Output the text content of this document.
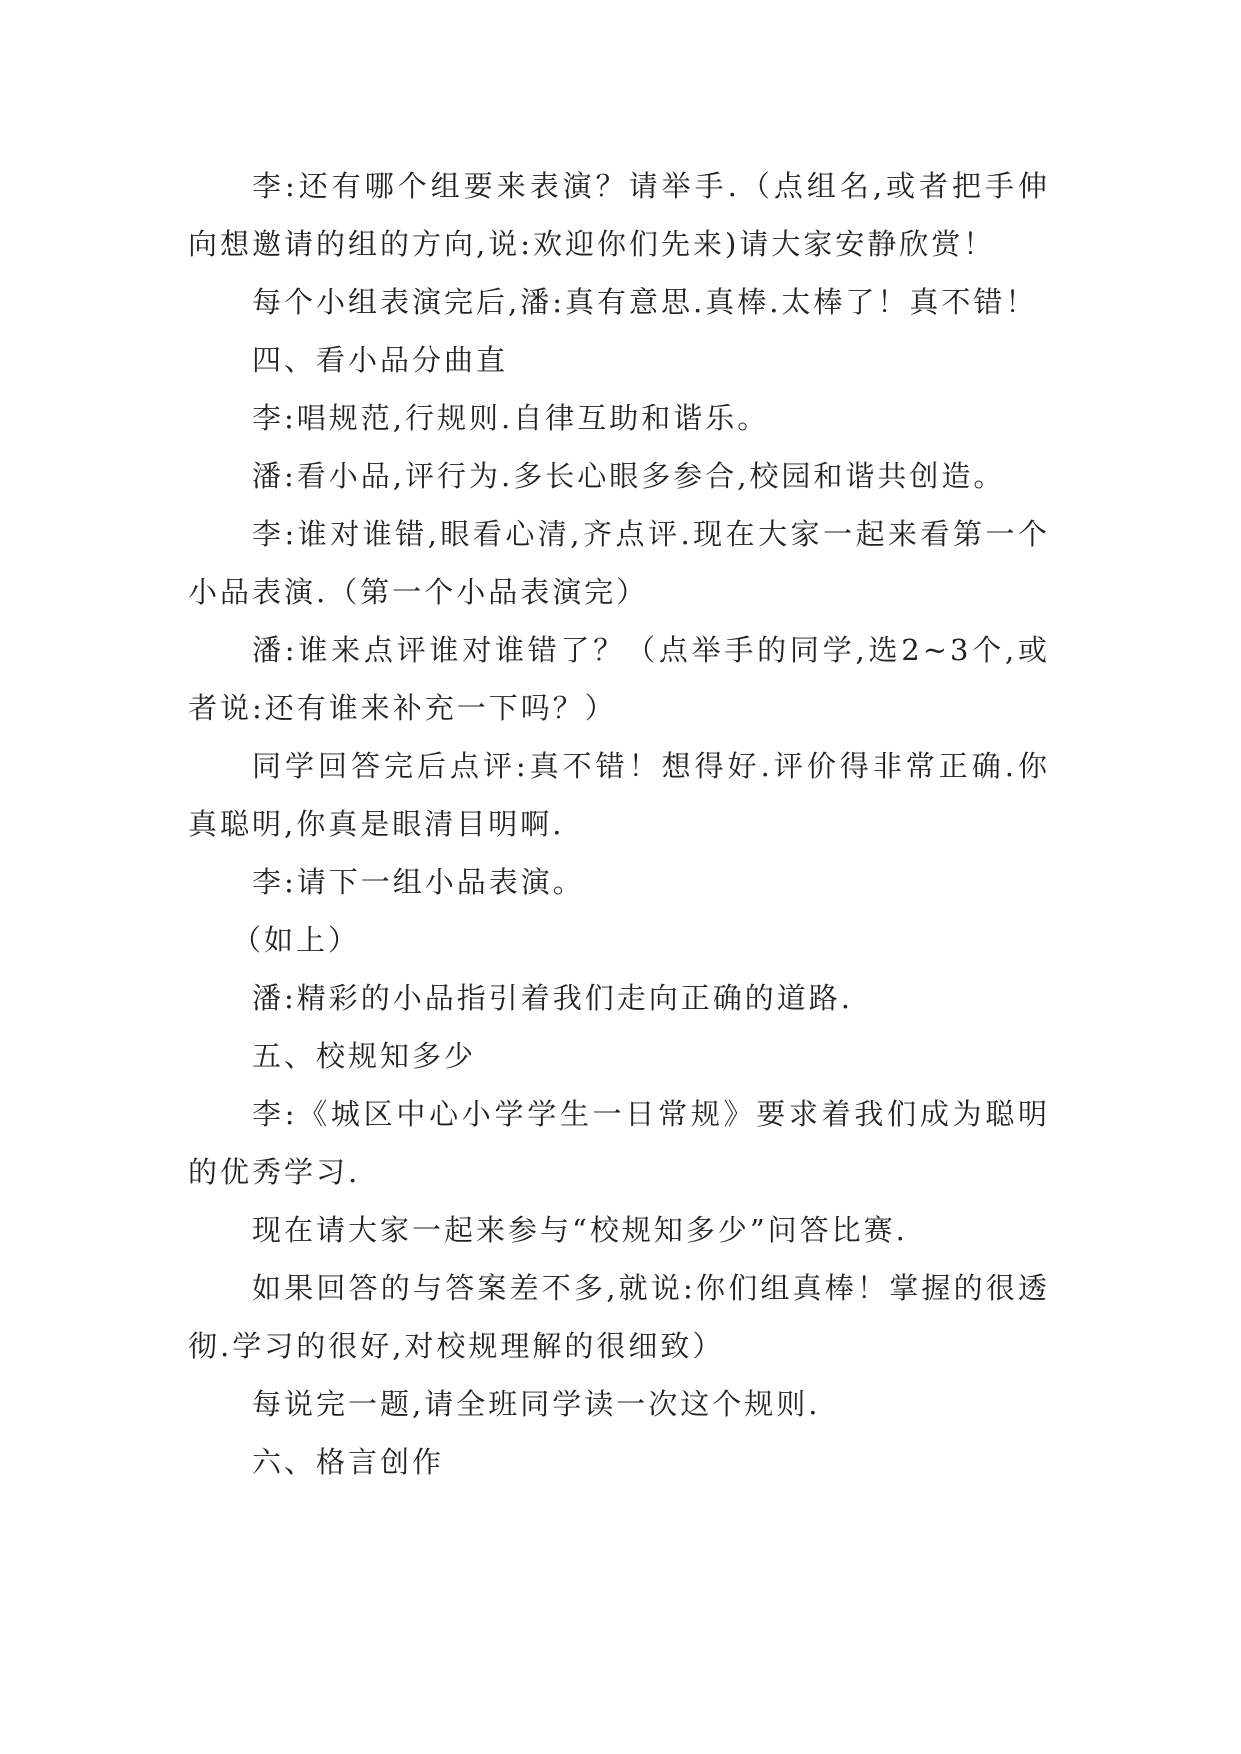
李:还有哪个组要来表演？请举手.（点组名,或者把手伸向想邀请的组的方向,说:欢迎你们先来)请大家安静欣赏！

每个小组表演完后,潘:真有意思.真棒.太棒了！真不错！

四、看小品分曲直

李:唱规范,行规则.自律互助和谐乐。

潘:看小品,评行为.多长心眼多参合,校园和谐共创造。

李:谁对谁错,眼看心清,齐点评.现在大家一起来看第一个小品表演.（第一个小品表演完）

潘:谁来点评谁对谁错了？（点举手的同学,选2~3个,或者说:还有谁来补充一下吗？）

同学回答完后点评:真不错！想得好.评价得非常正确.你真聪明,你真是眼清目明啊.

李:请下一组小品表演。

（如上）

潘:精彩的小品指引着我们走向正确的道路.

五、校规知多少

李:《城区中心小学学生一日常规》要求着我们成为聪明的优秀学习.

现在请大家一起来参与“校规知多少”问答比赛.

如果回答的与答案差不多,就说:你们组真棒！掌握的很透彻.学习的很好,对校规理解的很细致）

每说完一题,请全班同学读一次这个规则.

六、格言创作
